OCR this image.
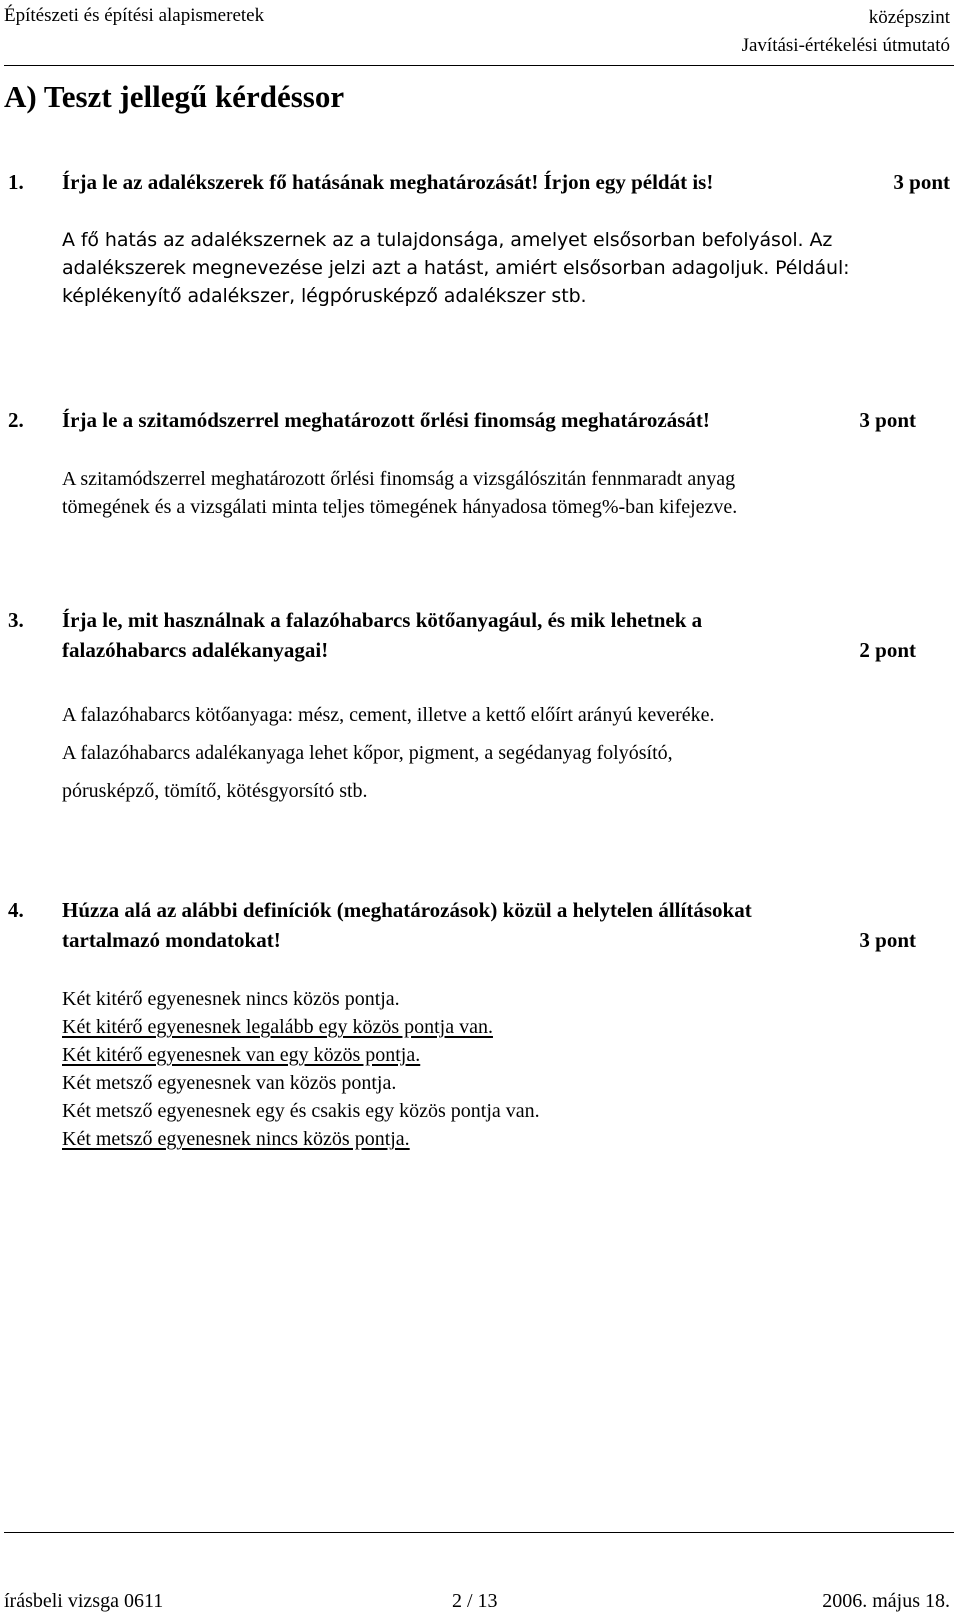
Építészeti és építési alapismeretek	középszint
Javítási-értékelési útmutató
A) Teszt jellegű kérdéssor
1. Írja le az adalékszerek fő hatásának meghatározását! Írjon egy példát is!	3 pont
A fő hatás az adalékszernek az a tulajdonsága, amelyet elsősorban befolyásol. Az
adalékszerek megnevezése jelzi azt a hatást, amiért elsősorban adagoljuk. Például:
képlékenyítő adalékszer, légpórusképző adalékszer stb.
2. Írja le a szitamódszerrel meghatározott őrlési finomság meghatározását!	3 pont
A szitamódszerrel meghatározott őrlési finomság a vizsgálószitán fennmaradt anyag
tömegének és a vizsgálati minta teljes tömegének hányadosa tömeg%-ban kifejezve.
3. Írja le, mit használnak a falazóhabarcs kötőanyagául, és mik lehetnek a
falazóhabarcs adalékanyagai!	2 pont
A falazóhabarcs kötőanyaga: mész, cement, illetve a kettő előírt arányú keveréke.
A falazóhabarcs adalékanyaga lehet kőpor, pigment, a segédanyag folyósító,
pórusképző, tömítő, kötésgyorsító stb.
4. Húzza alá az alábbi definíciók (meghatározások) közül a helytelen állításokat
tartalmazó mondatokat!	3 pont
Két kitérő egyenesnek nincs közös pontja.
Két kitérő egyenesnek legalább egy közös pontja van.
Két kitérő egyenesnek van egy közös pontja.
Két metsző egyenesnek van közös pontja.
Két metsző egyenesnek egy és csakis egy közös pontja van.
Két metsző egyenesnek nincs közös pontja.
írásbeli vizsga 0611	2 / 13	2006. május 18.
